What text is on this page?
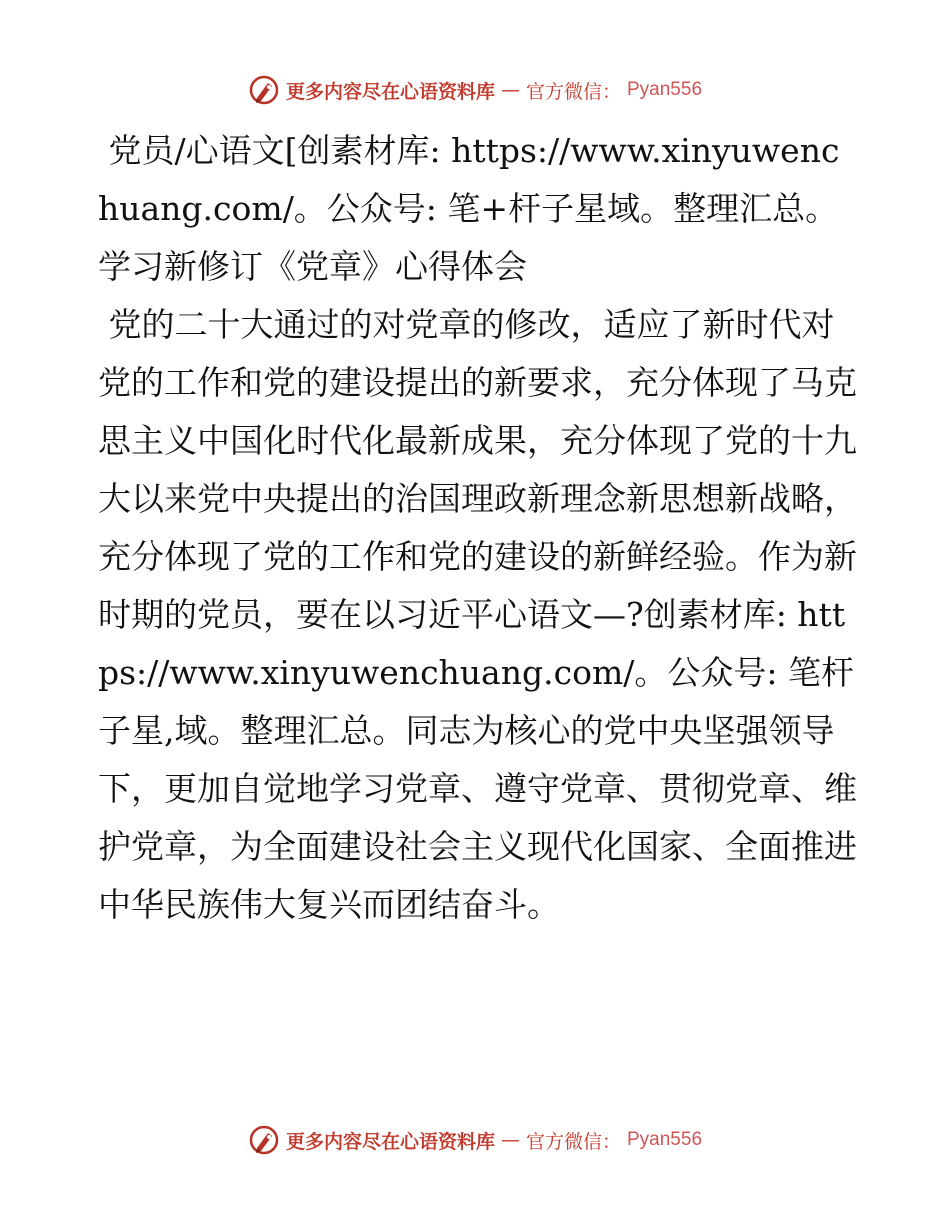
更多内容尽在心语资料库 — 官方微信： Pyan556

党员/心语文[创素材库: https://www.xinyuwenchuang.com/。公众号: 笔+杆子星域。整理汇总。学习新修订《党章》心得体会

党的二十大通过的对党章的修改，适应了新时代对党的工作和党的建设提出的新要求，充分体现了马克思主义中国化时代化最新成果，充分体现了党的十九大以来党中央提出的治国理政新理念新思想新战略，充分体现了党的工作和党的建设的新鲜经验。作为新时期的党员，要在以习近平心语文—?创素材库: https://www.xinyuwenchuang.com/。公众号: 笔杆子星,域。整理汇总。同志为核心的党中央坚强领导下，更加自觉地学习党章、遵守党章、贯彻党章、维护党章，为全面建设社会主义现代化国家、全面推进中华民族伟大复兴而团结奋斗。

更多内容尽在心语资料库 — 官方微信： Pyan556
